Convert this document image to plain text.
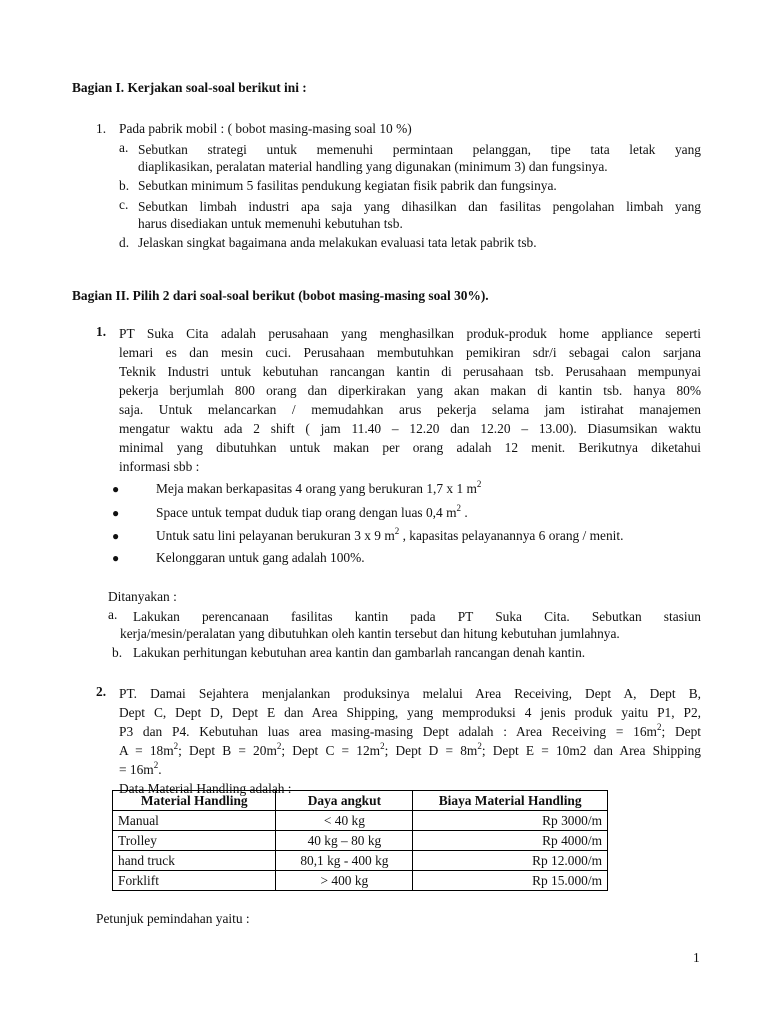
Bagian I. Kerjakan soal-soal berikut ini :
1. Pada pabrik mobil : ( bobot masing-masing soal 10 %)
a. Sebutkan strategi untuk memenuhi permintaan pelanggan, tipe tata letak yang
diaplikasikan, peralatan material handling yang digunakan (minimum 3) dan fungsinya.
b. Sebutkan minimum 5 fasilitas pendukung kegiatan fisik pabrik dan fungsinya.
c. Sebutkan limbah industri apa saja yang dihasilkan dan fasilitas pengolahan limbah yang
harus disediakan untuk memenuhi kebutuhan tsb.
d. Jelaskan singkat bagaimana anda melakukan evaluasi tata letak pabrik tsb.
Bagian II. Pilih 2 dari soal-soal berikut (bobot masing-masing soal 30%).
1. PT Suka Cita adalah perusahaan yang menghasilkan produk-produk home appliance seperti
lemari es dan mesin cuci. Perusahaan membutuhkan pemikiran sdr/i sebagai calon sarjana
Teknik Industri untuk kebutuhan rancangan kantin di perusahaan tsb. Perusahaan mempunyai
pekerja berjumlah 800 orang dan diperkirakan yang akan makan di kantin tsb. hanya 80%
saja. Untuk melancarkan / memudahkan arus pekerja selama jam istirahat manajemen
mengatur waktu ada 2 shift ( jam 11.40 – 12.20 dan 12.20 – 13.00). Diasumsikan waktu
minimal yang dibutuhkan untuk makan per orang adalah 12 menit. Berikutnya diketahui
informasi sbb :
●	Meja makan berkapasitas 4 orang yang berukuran 1,7 x 1 $m^2$
●	Space untuk tempat duduk tiap orang dengan luas 0,4 $m^2$ .
●	Untuk satu lini pelayanan berukuran 3 x 9 $m^2$ , kapasitas pelayanannya 6 orang / menit.
●	Kelonggaran untuk gang adalah 100%.
Ditanyakan :
a. Lakukan perencanaan fasilitas kantin pada PT Suka Cita. Sebutkan stasiun
kerja/mesin/peralatan yang dibutuhkan oleh kantin tersebut dan hitung kebutuhan jumlahnya.
b. Lakukan perhitungan kebutuhan area kantin dan gambarlah rancangan denah kantin.
2. PT. Damai Sejahtera menjalankan produksinya melalui Area Receiving, Dept A, Dept B,
Dept C, Dept D, Dept E dan Area Shipping, yang memproduksi 4 jenis produk yaitu P1, P2,
P3 dan P4. Kebutuhan luas area masing-masing Dept adalah : Area Receiving = $16m^2$; Dept
$A = 18m^2$; Dept $B = 20m^2$; Dept $C = 12m^2$; Dept $D = 8m^2$; Dept E = 10m2 dan Area Shipping
= $16m^2$.
Data Material Handling adalah :
Material Handling	Daya angkut	Biaya Material Handling
Manual	< 40 kg	Rp 3000/m
Trolley	40 kg – 80 kg	Rp 4000/m
hand truck	80,1 kg - 400 kg	Rp 12.000/m
Forklift	> 400 kg	Rp 15.000/m
Petunjuk pemindahan yaitu :
1
